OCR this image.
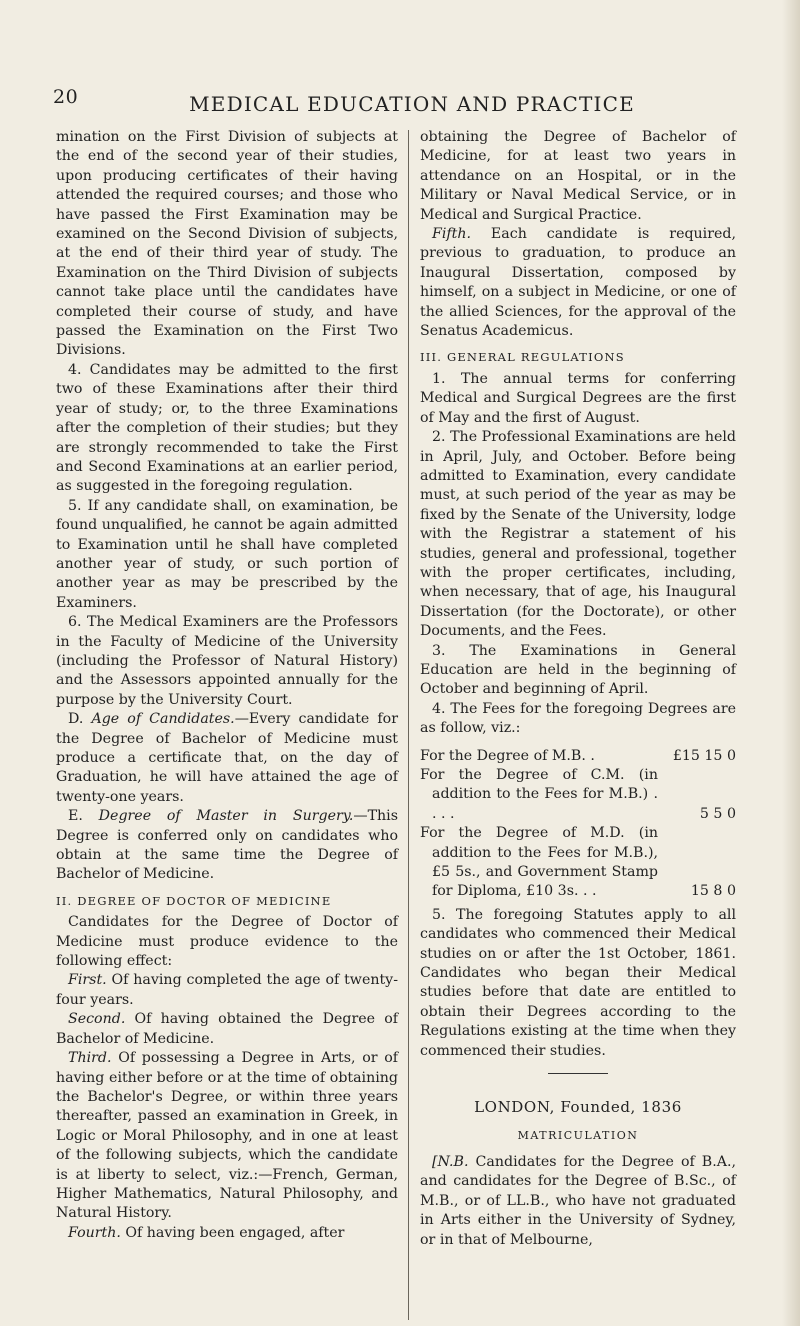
20	MEDICAL EDUCATION AND PRACTICE

mination on the First Division of subjects at the end of the second year of their studies, upon producing certificates of their having attended the required courses; and those who have passed the First Examination may be examined on the Second Division of subjects, at the end of their third year of study. The Examination on the Third Division of subjects cannot take place until the candidates have completed their course of study, and have passed the Examination on the First Two Divisions.

4. Candidates may be admitted to the first two of these Examinations after their third year of study; or, to the three Examinations after the completion of their studies; but they are strongly recommended to take the First and Second Examinations at an earlier period, as suggested in the foregoing regulation.

5. If any candidate shall, on examination, be found unqualified, he cannot be again admitted to Examination until he shall have completed another year of study, or such portion of another year as may be prescribed by the Examiners.

6. The Medical Examiners are the Professors in the Faculty of Medicine of the University (including the Professor of Natural History) and the Assessors appointed annually for the purpose by the University Court.

D. Age of Candidates.—Every candidate for the Degree of Bachelor of Medicine must produce a certificate that, on the day of Graduation, he will have attained the age of twenty-one years.

E. Degree of Master in Surgery.—This Degree is conferred only on candidates who obtain at the same time the Degree of Bachelor of Medicine.

II. DEGREE OF DOCTOR OF MEDICINE

Candidates for the Degree of Doctor of Medicine must produce evidence to the following effect:

First. Of having completed the age of twenty-four years.

Second. Of having obtained the Degree of Bachelor of Medicine.

Third. Of possessing a Degree in Arts, or of having either before or at the time of obtaining the Bachelor's Degree, or within three years thereafter, passed an examination in Greek, in Logic or Moral Philosophy, and in one at least of the following subjects, which the candidate is at liberty to select, viz.:—French, German, Higher Mathematics, Natural Philosophy, and Natural History.

Fourth. Of having been engaged, after

obtaining the Degree of Bachelor of Medicine, for at least two years in attendance on an Hospital, or in the Military or Naval Medical Service, or in Medical and Surgical Practice.

Fifth. Each candidate is required, previous to graduation, to produce an Inaugural Dissertation, composed by himself, on a subject in Medicine, or one of the allied Sciences, for the approval of the Senatus Academicus.

III. GENERAL REGULATIONS

1. The annual terms for conferring Medical and Surgical Degrees are the first of May and the first of August.

2. The Professional Examinations are held in April, July, and October. Before being admitted to Examination, every candidate must, at such period of the year as may be fixed by the Senate of the University, lodge with the Registrar a statement of his studies, general and professional, together with the proper certificates, including, when necessary, that of age, his Inaugural Dissertation (for the Doctorate), or other Documents, and the Fees.

3. The Examinations in General Education are held in the beginning of October and beginning of April.

4. The Fees for the foregoing Degrees are as follow, viz.:

For the Degree of M.B. .	£15 15 0
For the Degree of C.M. (in addition to the Fees for M.B.) . . . .	5 5 0
For the Degree of M.D. (in addition to the Fees for M.B.), £5 5s., and Government Stamp for Diploma, £10 3s. . .	15 8 0

5. The foregoing Statutes apply to all candidates who commenced their Medical studies on or after the 1st October, 1861. Candidates who began their Medical studies before that date are entitled to obtain their Degrees according to the Regulations existing at the time when they commenced their studies.

LONDON, Founded, 1836
MATRICULATION

[N.B. Candidates for the Degree of B.A., and candidates for the Degree of B.Sc., of M.B., or of LL.B., who have not graduated in Arts either in the University of Sydney, or in that of Melbourne,
